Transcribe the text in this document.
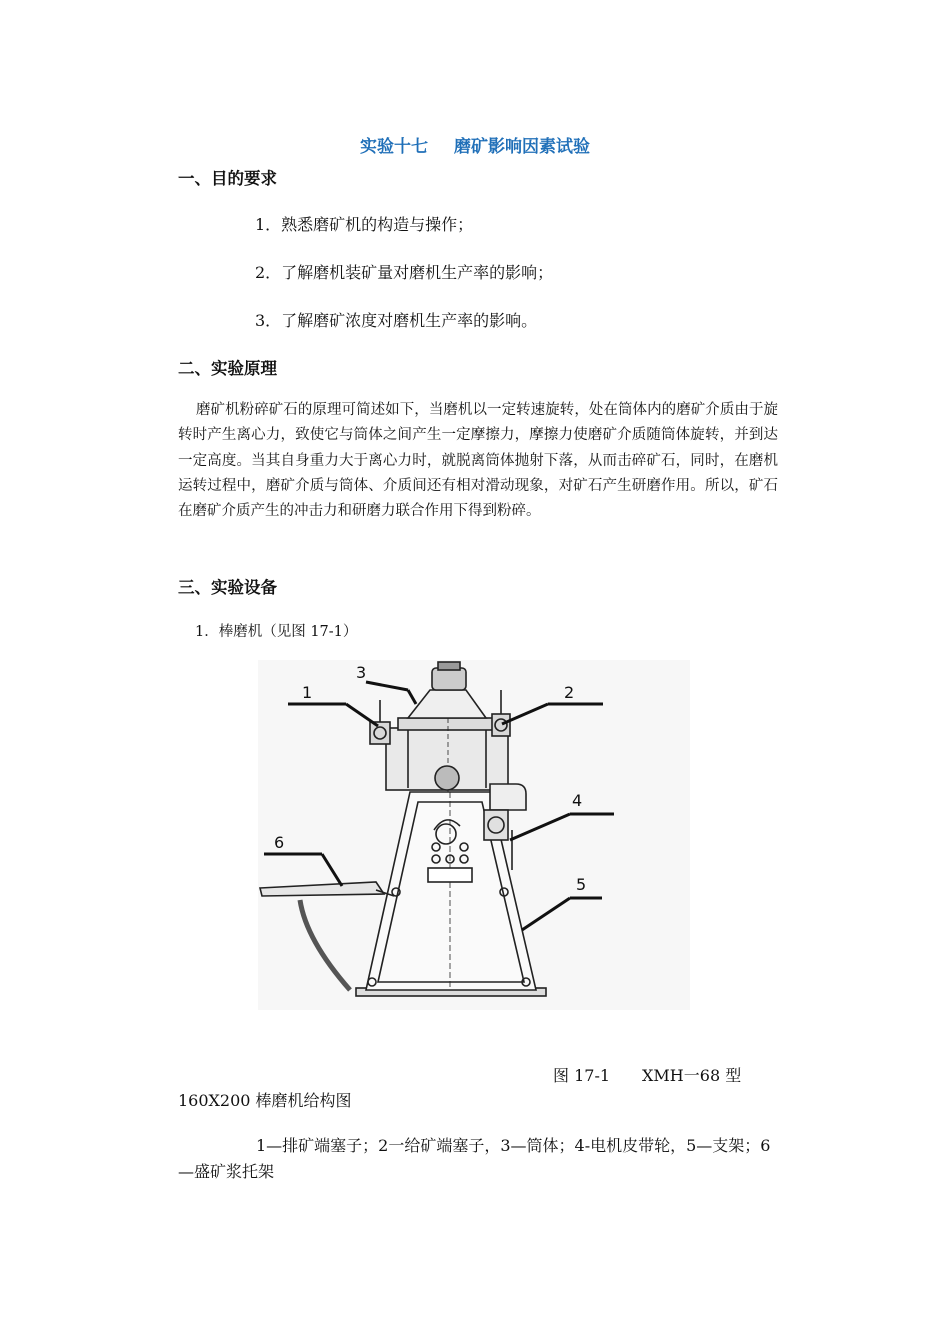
实验十七 磨矿影响因素试验
一、目的要求
1．熟悉磨矿机的构造与操作；
2．了解磨机装矿量对磨机生产率的影响；
3．了解磨矿浓度对磨机生产率的影响。
二、实验原理
磨矿机粉碎矿石的原理可简述如下，当磨机以一定转速旋转，处在筒体内的磨矿介质由于旋转时产生离心力，致使它与筒体之间产生一定摩擦力，摩擦力使磨矿介质随筒体旋转，并到达一定高度。当其自身重力大于离心力时，就脱离筒体抛射下落，从而击碎矿石，同时，在磨机运转过程中，磨矿介质与筒体、介质间还有相对滑动现象，对矿石产生研磨作用。所以，矿石在磨矿介质产生的冲击力和研磨力联合作用下得到粉碎。
三、实验设备
1．棒磨机（见图 17-1）
1	2
3
4
5
6
图 17-1　　XMH一68 型
160X200 棒磨机给构图
1—排矿端塞子；2一给矿端塞子，3—筒体；4-电机皮带轮，5—支架；6—盛矿浆托架
